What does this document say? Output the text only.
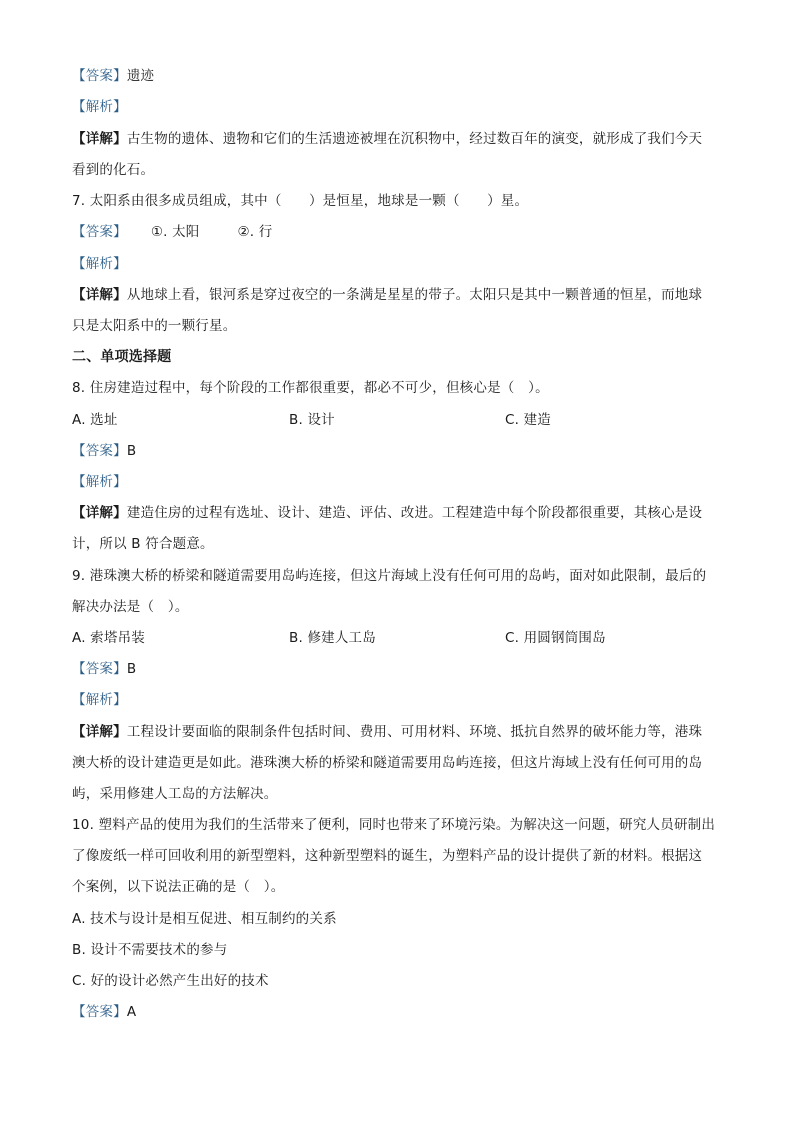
【答案】遗迹
【解析】
【详解】古生物的遗体、遗物和它们的生活遗迹被埋在沉积物中，经过数百年的演变，就形成了我们今天
看到的化石。
7. 太阳系由很多成员组成，其中（　　）是恒星，地球是一颗（　　）星。
【答案】 ①. 太阳	②. 行
【解析】
【详解】从地球上看，银河系是穿过夜空的一条满是星星的带子。太阳只是其中一颗普通的恒星，而地球
只是太阳系中的一颗行星。
二、单项选择题
8. 住房建造过程中，每个阶段的工作都很重要，都必不可少，但核心是（　）。
A. 选址	B. 设计	C. 建造
【答案】B
【解析】
【详解】建造住房的过程有选址、设计、建造、评估、改进。工程建造中每个阶段都很重要，其核心是设
计，所以 B 符合题意。
9. 港珠澳大桥的桥梁和隧道需要用岛屿连接，但这片海域上没有任何可用的岛屿，面对如此限制，最后的
解决办法是（　）。
A. 索塔吊装	B. 修建人工岛	C. 用圆钢筒围岛
【答案】B
【解析】
【详解】工程设计要面临的限制条件包括时间、费用、可用材料、环境、抵抗自然界的破坏能力等，港珠
澳大桥的设计建造更是如此。港珠澳大桥的桥梁和隧道需要用岛屿连接，但这片海域上没有任何可用的岛
屿，采用修建人工岛的方法解决。
10. 塑料产品的使用为我们的生活带来了便利，同时也带来了环境污染。为解决这一问题，研究人员研制出
了像废纸一样可回收利用的新型塑料，这种新型塑料的诞生，为塑料产品的设计提供了新的材料。根据这
个案例，以下说法正确的是（　）。
A. 技术与设计是相互促进、相互制约的关系
B. 设计不需要技术的参与
C. 好的设计必然产生出好的技术
【答案】A
